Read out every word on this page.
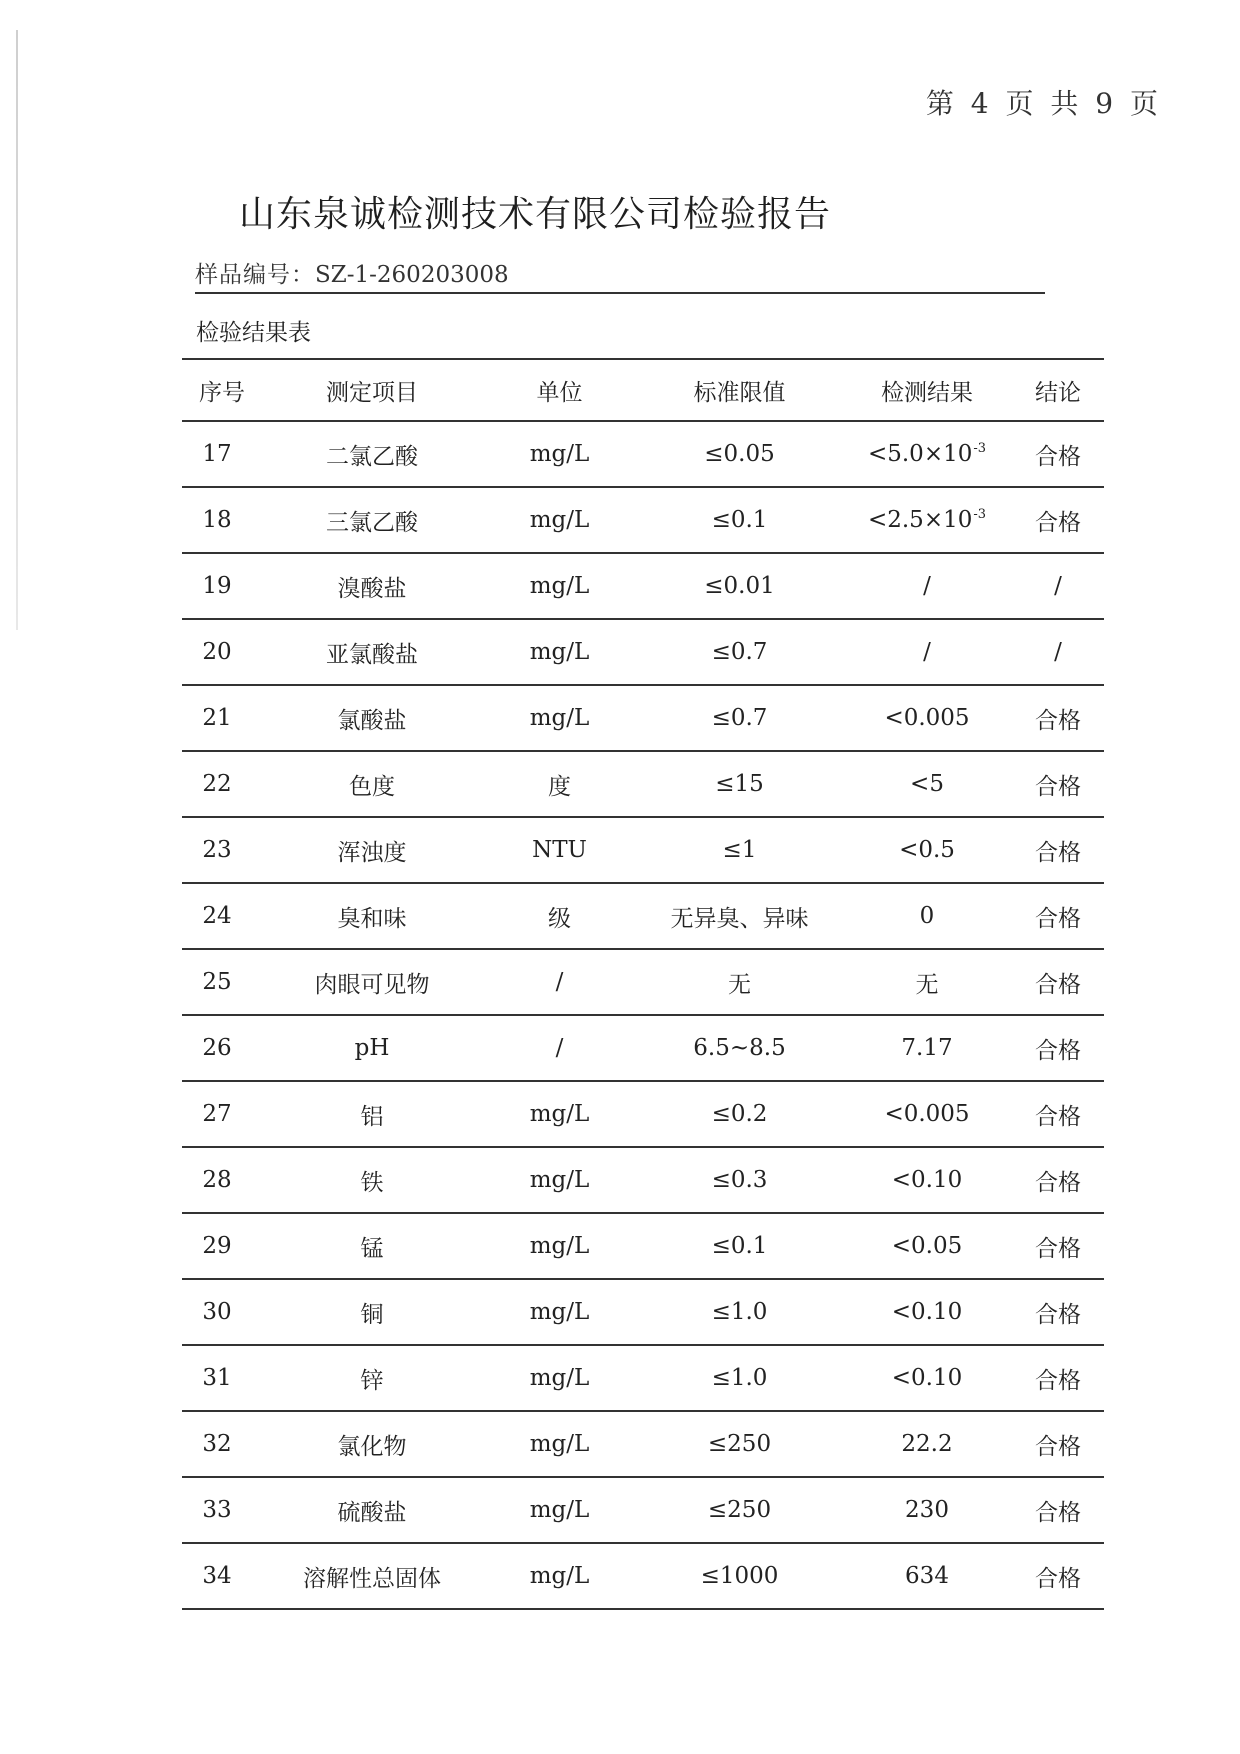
第 4 页 共 9 页
山东泉诚检测技术有限公司检验报告
样品编号：SZ-1-260203008
检验结果表
序号	测定项目	单位	标准限值	检测结果	结论
17	二氯乙酸	mg/L	≤0.05	$<5.0\times 10^{-3}$	合格
18	三氯乙酸	mg/L	≤0.1	$<2.5\times 10^{-3}$	合格
19	溴酸盐	mg/L	≤0.01	/	/
20	亚氯酸盐	mg/L	≤0.7	/	/
21	氯酸盐	mg/L	≤0.7	<0.005	合格
22	色度	度	≤15	<5	合格
23	浑浊度	NTU	≤1	<0.5	合格
24	臭和味	级	无异臭、异味	0	合格
25	肉眼可见物	/	无	无	合格
26	pH	/	6.5~8.5	7.17	合格
27	铝	mg/L	≤0.2	<0.005	合格
28	铁	mg/L	≤0.3	<0.10	合格
29	锰	mg/L	≤0.1	<0.05	合格
30	铜	mg/L	≤1.0	<0.10	合格
31	锌	mg/L	≤1.0	<0.10	合格
32	氯化物	mg/L	≤250	22.2	合格
33	硫酸盐	mg/L	≤250	230	合格
34	溶解性总固体	mg/L	≤1000	634	合格
